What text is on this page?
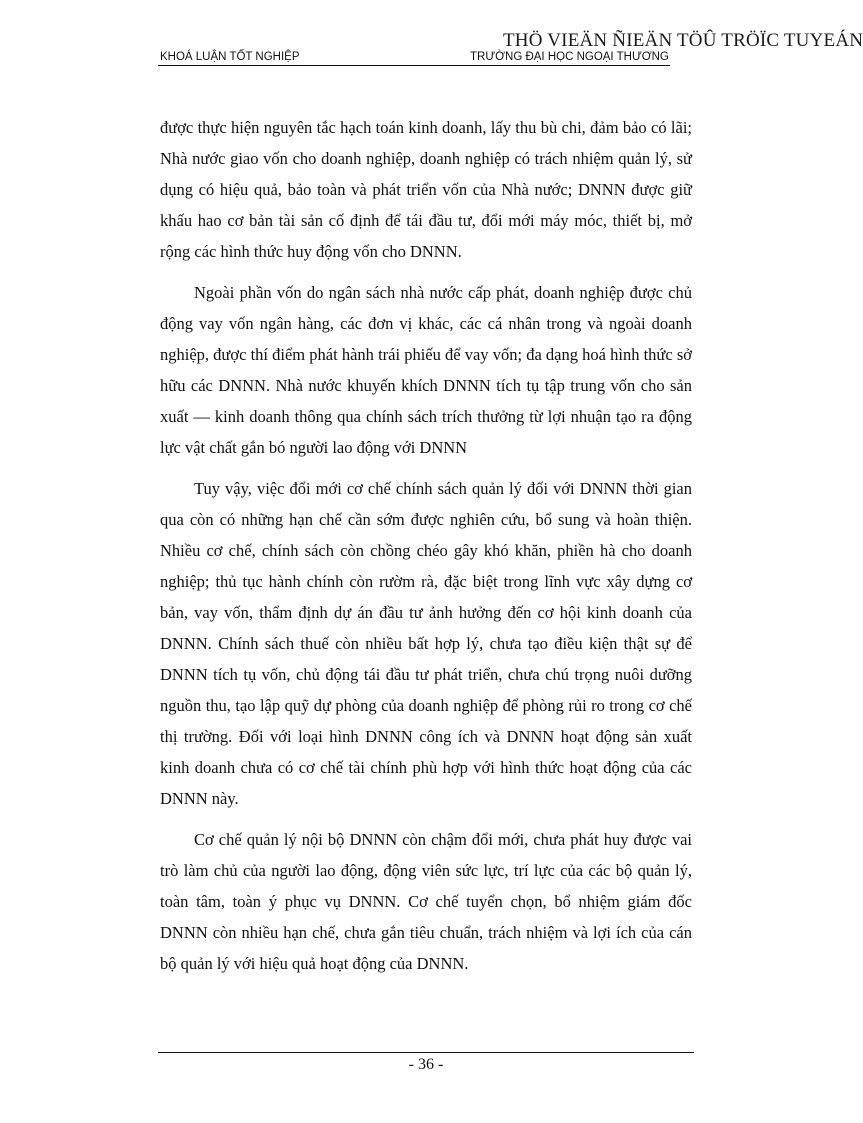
THÖ VIEÄN ÑIEÄN TÖÛ TRÖÏC TUYEÁN
KHOÁ LUẬN TỐT NGHIỆP	TRƯỜNG ĐẠI HỌC NGOẠI THƯƠNG

được thực hiện nguyên tắc hạch toán kinh doanh, lấy thu bù chi, đảm bảo có lãi; Nhà nước giao vốn cho doanh nghiệp, doanh nghiệp có trách nhiệm quản lý, sử dụng có hiệu quả, bảo toàn và phát triển vốn của Nhà nước; DNNN được giữ khấu hao cơ bản tài sản cố định để tái đầu tư, đổi mới máy móc, thiết bị, mở rộng các hình thức huy động vốn cho DNNN.

Ngoài phần vốn do ngân sách nhà nước cấp phát, doanh nghiệp được chủ động vay vốn ngân hàng, các đơn vị khác, các cá nhân trong và ngoài doanh nghiệp, được thí điểm phát hành trái phiếu để vay vốn; đa dạng hoá hình thức sở hữu các DNNN. Nhà nước khuyến khích DNNN tích tụ tập trung vốn cho sản xuất — kinh doanh thông qua chính sách trích thưởng từ lợi nhuận tạo ra động lực vật chất gắn bó người lao động với DNNN

Tuy vậy, việc đổi mới cơ chế chính sách quản lý đối với DNNN thời gian qua còn có những hạn chế cần sớm được nghiên cứu, bổ sung và hoàn thiện. Nhiều cơ chế, chính sách còn chồng chéo gây khó khăn, phiền hà cho doanh nghiệp; thủ tục hành chính còn rườm rà, đặc biệt trong lĩnh vực xây dựng cơ bản, vay vốn, thẩm định dự án đầu tư ảnh hưởng đến cơ hội kinh doanh của DNNN. Chính sách thuế còn nhiều bất hợp lý, chưa tạo điều kiện thật sự để DNNN tích tụ vốn, chủ động tái đầu tư phát triển, chưa chú trọng nuôi dưỡng nguồn thu, tạo lập quỹ dự phòng của doanh nghiệp để phòng rủi ro trong cơ chế thị trường. Đối với loại hình DNNN công ích và DNNN hoạt động sản xuất kinh doanh chưa có cơ chế tài chính phù hợp với hình thức hoạt động của các DNNN này.

Cơ chế quản lý nội bộ DNNN còn chậm đổi mới, chưa phát huy được vai trò làm chủ của người lao động, động viên sức lực, trí lực của các bộ quản lý, toàn tâm, toàn ý phục vụ DNNN. Cơ chế tuyển chọn, bổ nhiệm giám đốc DNNN còn nhiều hạn chế, chưa gắn tiêu chuẩn, trách nhiệm và lợi ích của cán bộ quản lý với hiệu quả hoạt động của DNNN.

- 36 -
